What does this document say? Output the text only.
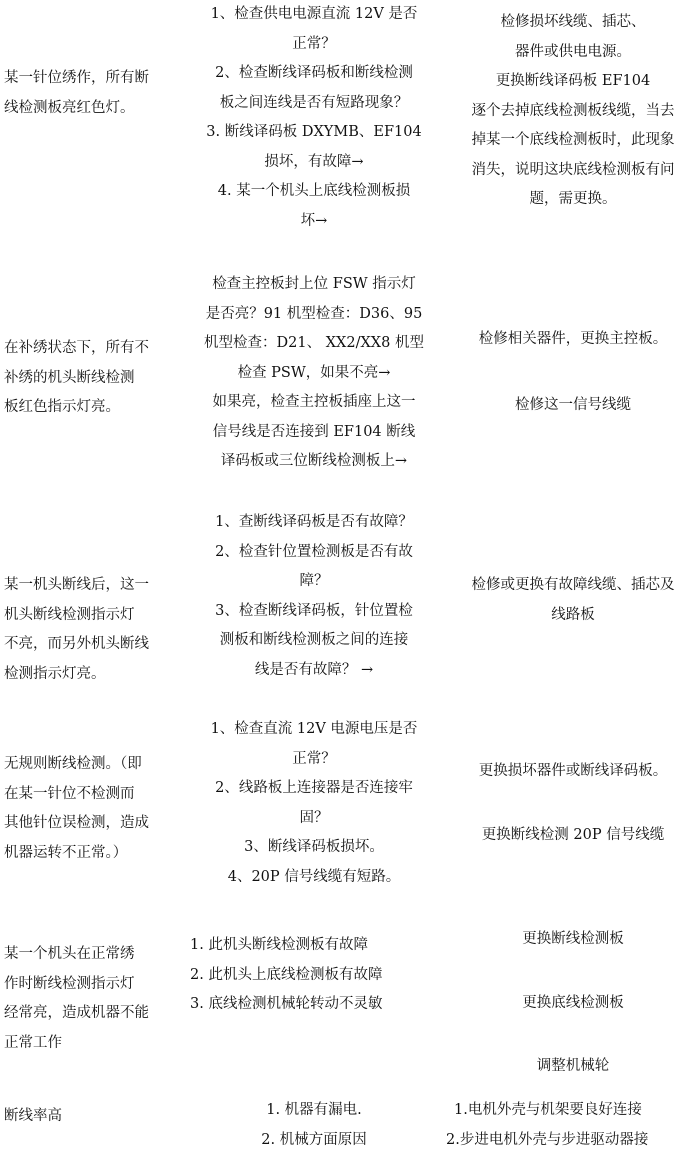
某一针位绣作，所有断
线检测板亮红色灯。
1、检查供电电源直流 12V 是否
正常？
2、检查断线译码板和断线检测
板之间连线是否有短路现象？
3. 断线译码板 DXYMB、EF104
损坏，有故障→
4. 某一个机头上底线检测板损
坏→
检修损坏线缆、插芯、
器件或供电电源。
更换断线译码板 EF104
逐个去掉底线检测板线缆，当去
掉某一个底线检测板时，此现象
消失，说明这块底线检测板有问
题，需更换。
在补绣状态下，所有不
补绣的机头断线检测
板红色指示灯亮。
检查主控板封上位 FSW 指示灯
是否亮？91 机型检查：D36、95
机型检查：D21、 XX2/XX8 机型
检查 PSW，如果不亮→
如果亮，检查主控板插座上这一
信号线是否连接到 EF104 断线
译码板或三位断线检测板上→
检修相关器件，更换主控板。
检修这一信号线缆
某一机头断线后，这一
机头断线检测指示灯
不亮，而另外机头断线
检测指示灯亮。
1、查断线译码板是否有故障？
2、检查针位置检测板是否有故
障？
3、检查断线译码板，针位置检
测板和断线检测板之间的连接
线是否有故障？ →
检修或更换有故障线缆、插芯及
线路板
无规则断线检测。（即
在某一针位不检测而
其他针位误检测，造成
机器运转不正常。）
1、检查直流 12V 电源电压是否
正常？
2、线路板上连接器是否连接牢
固？
3、断线译码板损坏。
4、20P 信号线缆有短路。
更换损坏器件或断线译码板。
更换断线检测 20P 信号线缆
某一个机头在正常绣
作时断线检测指示灯
经常亮，造成机器不能
正常工作
1. 此机头断线检测板有故障
2. 此机头上底线检测板有故障
3. 底线检测机械轮转动不灵敏
更换断线检测板
更换底线检测板
调整机械轮
断线率高	1. 机器有漏电.
2. 机械方面原因
1.电机外壳与机架要良好连接
2.步进电机外壳与步进驱动器接
